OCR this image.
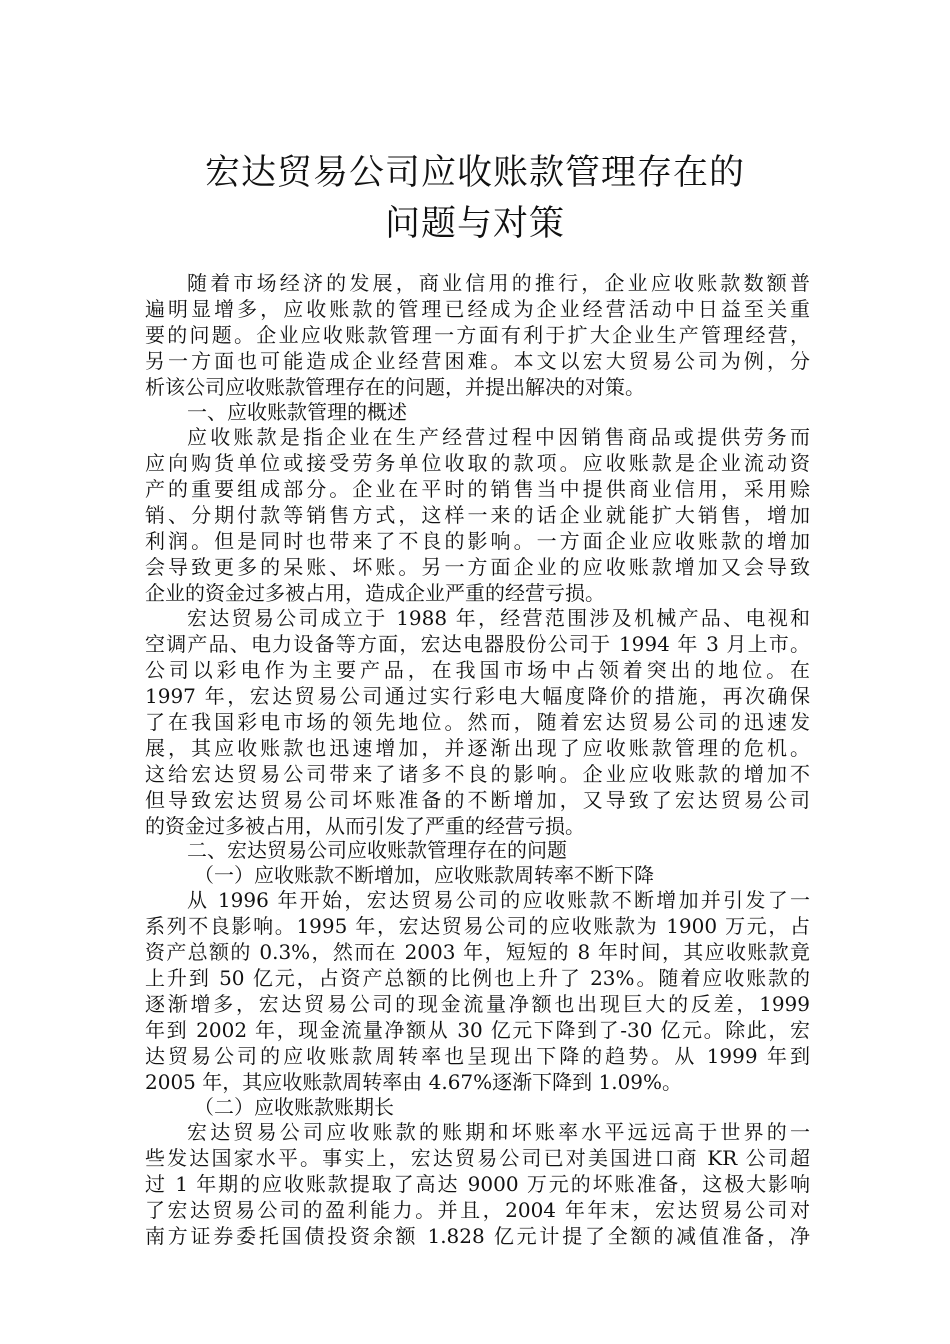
宏达贸易公司应收账款管理存在的
问题与对策
随着市场经济的发展，商业信用的推行，企业应收账款数额普
遍明显增多，应收账款的管理已经成为企业经营活动中日益至关重
要的问题。企业应收账款管理一方面有利于扩大企业生产管理经营，
另一方面也可能造成企业经营困难。本文以宏大贸易公司为例，分
析该公司应收账款管理存在的问题，并提出解决的对策。
一、应收账款管理的概述
应收账款是指企业在生产经营过程中因销售商品或提供劳务而
应向购货单位或接受劳务单位收取的款项。应收账款是企业流动资
产的重要组成部分。企业在平时的销售当中提供商业信用，采用赊
销、分期付款等销售方式，这样一来的话企业就能扩大销售，增加
利润。但是同时也带来了不良的影响。一方面企业应收账款的增加
会导致更多的呆账、坏账。另一方面企业的应收账款增加又会导致
企业的资金过多被占用，造成企业严重的经营亏损。
宏达贸易公司成立于 1988 年，经营范围涉及机械产品、电视和
空调产品、电力设备等方面，宏达电器股份公司于 1994 年 3 月上市。
公司以彩电作为主要产品，在我国市场中占领着突出的地位。在
1997 年，宏达贸易公司通过实行彩电大幅度降价的措施，再次确保
了在我国彩电市场的领先地位。然而，随着宏达贸易公司的迅速发
展，其应收账款也迅速增加，并逐渐出现了应收账款管理的危机。
这给宏达贸易公司带来了诸多不良的影响。企业应收账款的增加不
但导致宏达贸易公司坏账准备的不断增加，又导致了宏达贸易公司
的资金过多被占用，从而引发了严重的经营亏损。
二、宏达贸易公司应收账款管理存在的问题
（一）应收账款不断增加，应收账款周转率不断下降
从 1996 年开始，宏达贸易公司的应收账款不断增加并引发了一
系列不良影响。1995 年，宏达贸易公司的应收账款为 1900 万元，占
资产总额的 0.3%，然而在 2003 年，短短的 8 年时间，其应收账款竟
上升到 50 亿元，占资产总额的比例也上升了 23%。随着应收账款的
逐渐增多，宏达贸易公司的现金流量净额也出现巨大的反差，1999
年到 2002 年，现金流量净额从 30 亿元下降到了-30 亿元。除此，宏
达贸易公司的应收账款周转率也呈现出下降的趋势。从 1999 年到
2005 年，其应收账款周转率由 4.67%逐渐下降到 1.09%。
（二）应收账款账期长
宏达贸易公司应收账款的账期和坏账率水平远远高于世界的一
些发达国家水平。事实上，宏达贸易公司已对美国进口商 KR 公司超
过 1 年期的应收账款提取了高达 9000 万元的坏账准备，这极大影响
了宏达贸易公司的盈利能力。并且，2004 年年末，宏达贸易公司对
南方证券委托国债投资余额 1.828 亿元计提了全额的减值准备，净
